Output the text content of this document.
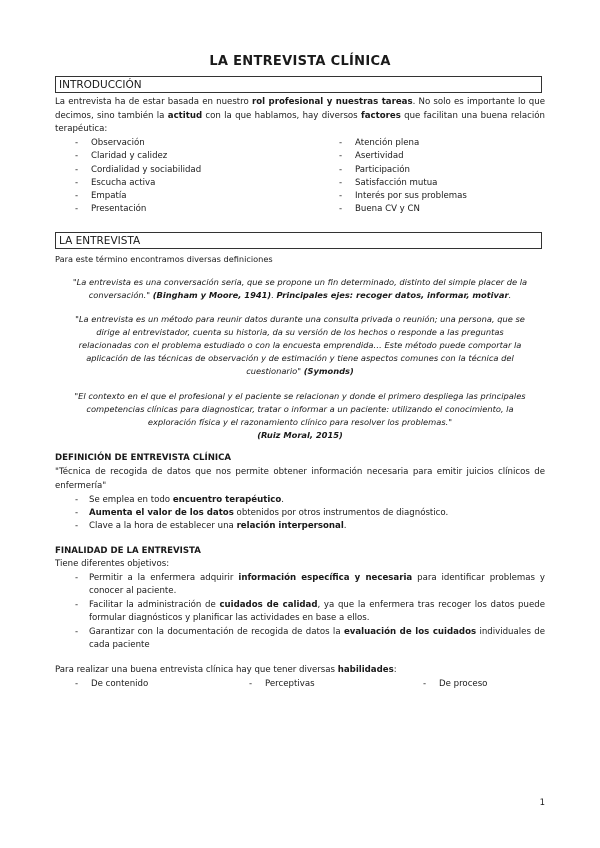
LA ENTREVISTA CLÍNICA
INTRODUCCIÓN
La entrevista ha de estar basada en nuestro rol profesional y nuestras tareas. No solo es importante lo que decimos, sino también la actitud con la que hablamos, hay diversos factores que facilitan una buena relación terapéutica:
- Observación
- Claridad y calidez
- Cordialidad y sociabilidad
- Escucha activa
- Empatía
- Presentación
- Atención plena
- Asertividad
- Participación
- Satisfacción mutua
- Interés por sus problemas
- Buena CV y CN
LA ENTREVISTA
Para este término encontramos diversas definiciones
"La entrevista es una conversación seria, que se propone un fin determinado, distinto del simple placer de la conversación." (Bingham y Moore, 1941). Principales ejes: recoger datos, informar, motivar.
"La entrevista es un método para reunir datos durante una consulta privada o reunión; una persona, que se dirige al entrevistador, cuenta su historia, da su versión de los hechos o responde a las preguntas relacionadas con el problema estudiado o con la encuesta emprendida… Este método puede comportar la aplicación de las técnicas de observación y de estimación y tiene aspectos comunes con la técnica del cuestionario" (Symonds)
"El contexto en el que el profesional y el paciente se relacionan y donde el primero despliega las principales competencias clínicas para diagnosticar, tratar o informar a un paciente: utilizando el conocimiento, la exploración física y el razonamiento clínico para resolver los problemas."
(Ruiz Moral, 2015)
DEFINICIÓN DE ENTREVISTA CLÍNICA
"Técnica de recogida de datos que nos permite obtener información necesaria para emitir juicios clínicos de enfermería"
- Se emplea en todo encuentro terapéutico.
- Aumenta el valor de los datos obtenidos por otros instrumentos de diagnóstico.
- Clave a la hora de establecer una relación interpersonal.
FINALIDAD DE LA ENTREVISTA
Tiene diferentes objetivos:
- Permitir a la enfermera adquirir información específica y necesaria para identificar problemas y conocer al paciente.
- Facilitar la administración de cuidados de calidad, ya que la enfermera tras recoger los datos puede formular diagnósticos y planificar las actividades en base a ellos.
- Garantizar con la documentación de recogida de datos la evaluación de los cuidados individuales de cada paciente
Para realizar una buena entrevista clínica hay que tener diversas habilidades:
- De contenido	- Perceptivas	- De proceso
1
